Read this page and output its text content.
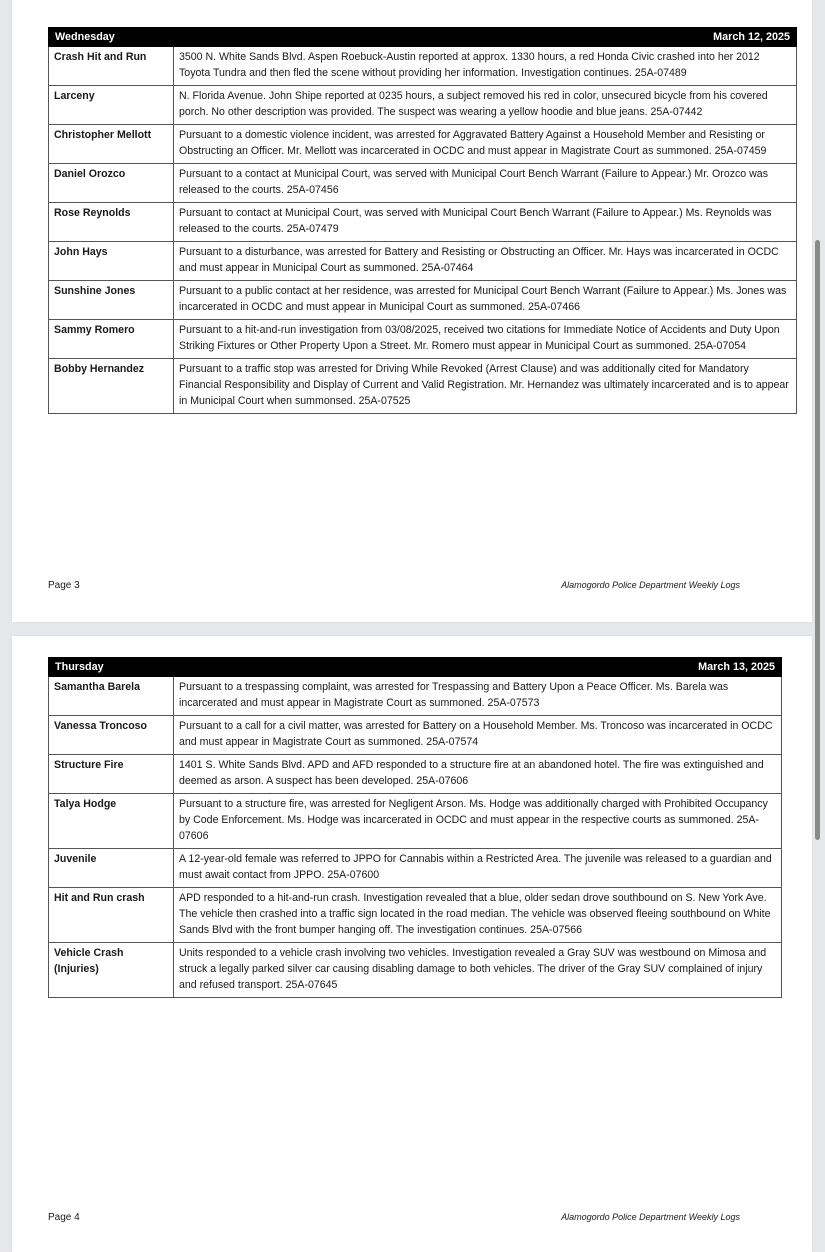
Wednesday	March 12, 2025
Crash Hit and Run	3500 N. White Sands Blvd. Aspen Roebuck-Austin reported at approx. 1330 hours, a red Honda Civic crashed into her 2012 Toyota Tundra and then fled the scene without providing her information. Investigation continues. 25A-07489
Larceny	N. Florida Avenue. John Shipe reported at 0235 hours, a subject removed his red in color, unsecured bicycle from his covered porch. No other description was provided. The suspect was wearing a yellow hoodie and blue jeans. 25A-07442
Christopher Mellott	Pursuant to a domestic violence incident, was arrested for Aggravated Battery Against a Household Member and Resisting or Obstructing an Officer. Mr. Mellott was incarcerated in OCDC and must appear in Magistrate Court as summoned. 25A-07459
Daniel Orozco	Pursuant to a contact at Municipal Court, was served with Municipal Court Bench Warrant (Failure to Appear.) Mr. Orozco was released to the courts. 25A-07456
Rose Reynolds	Pursuant to contact at Municipal Court, was served with Municipal Court Bench Warrant (Failure to Appear.) Ms. Reynolds was released to the courts. 25A-07479
John Hays	Pursuant to a disturbance, was arrested for Battery and Resisting or Obstructing an Officer. Mr. Hays was incarcerated in OCDC and must appear in Municipal Court as summoned. 25A-07464
Sunshine Jones	Pursuant to a public contact at her residence, was arrested for Municipal Court Bench Warrant (Failure to Appear.) Ms. Jones was incarcerated in OCDC and must appear in Municipal Court as summoned. 25A-07466
Sammy Romero	Pursuant to a hit-and-run investigation from 03/08/2025, received two citations for Immediate Notice of Accidents and Duty Upon Striking Fixtures or Other Property Upon a Street. Mr. Romero must appear in Municipal Court as summoned. 25A-07054
Bobby Hernandez	Pursuant to a traffic stop was arrested for Driving While Revoked (Arrest Clause) and was additionally cited for Mandatory Financial Responsibility and Display of Current and Valid Registration. Mr. Hernandez was ultimately incarcerated and is to appear in Municipal Court when summonsed. 25A-07525
Page 3	Alamogordo Police Department Weekly Logs
Thursday	March 13, 2025
Samantha Barela	Pursuant to a trespassing complaint, was arrested for Trespassing and Battery Upon a Peace Officer. Ms. Barela was incarcerated and must appear in Magistrate Court as summoned. 25A-07573
Vanessa Troncoso	Pursuant to a call for a civil matter, was arrested for Battery on a Household Member. Ms. Troncoso was incarcerated in OCDC and must appear in Magistrate Court as summoned. 25A-07574
Structure Fire	1401 S. White Sands Blvd. APD and AFD responded to a structure fire at an abandoned hotel. The fire was extinguished and deemed as arson. A suspect has been developed. 25A-07606
Talya Hodge	Pursuant to a structure fire, was arrested for Negligent Arson. Ms. Hodge was additionally charged with Prohibited Occupancy by Code Enforcement. Ms. Hodge was incarcerated in OCDC and must appear in the respective courts as summoned. 25A-07606
Juvenile	A 12-year-old female was referred to JPPO for Cannabis within a Restricted Area. The juvenile was released to a guardian and must await contact from JPPO. 25A-07600
Hit and Run crash	APD responded to a hit-and-run crash. Investigation revealed that a blue, older sedan drove southbound on S. New York Ave. The vehicle then crashed into a traffic sign located in the road median. The vehicle was observed fleeing southbound on White Sands Blvd with the front bumper hanging off. The investigation continues. 25A-07566
Vehicle Crash (Injuries)	Units responded to a vehicle crash involving two vehicles. Investigation revealed a Gray SUV was westbound on Mimosa and struck a legally parked silver car causing disabling damage to both vehicles. The driver of the Gray SUV complained of injury and refused transport. 25A-07645
Page 4	Alamogordo Police Department Weekly Logs
